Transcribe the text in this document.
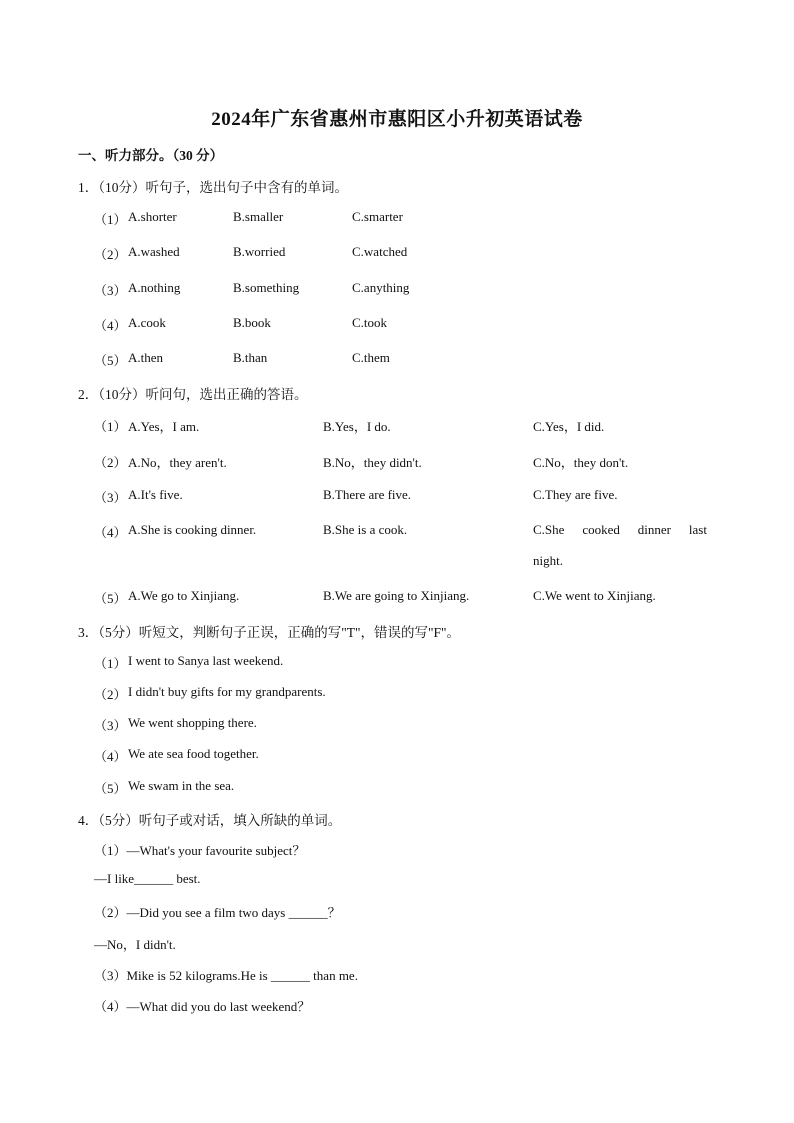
2024年广东省惠州市惠阳区小升初英语试卷
一、听力部分。（30 分）
1．（10分）听句子，选出句子中含有的单词。
（1） A.shorter	B.smaller	C.smarter
（2） A.washed	B.worried	C.watched
（3） A.nothing	B.something	C.anything
（4） A.cook	B.book	C.took
（5） A.then	B.than	C.them
2．（10分）听问句，选出正确的答语。
（1） A.Yes，I am.	B.Yes，I do.	C.Yes，I did.
（2） A.No，they aren't.	B.No，they didn't.	C.No，they don't.
（3） A.It's five.	B.There are five.	C.They are five.
（4） A.She is cooking dinner.	B.She is a cook.	C.She cooked dinner last
night.
（5） A.We go to Xinjiang.	B.We are going to Xinjiang.	C.We went to Xinjiang.
3．（5分）听短文，判断句子正误，正确的写"T"，错误的写"F"。
（1） I went to Sanya last weekend.
（2） I didn't buy gifts for my grandparents.
（3） We went shopping there.
（4） We ate sea food together.
（5） We swam in the sea.
4．（5分）听句子或对话，填入所缺的单词。
（1）—What's your favourite subject？
—I like______ best.
（2）—Did you see a film two days ______？
—No，I didn't.
（3）Mike is 52 kilograms.He is ______ than me.
（4）—What did you do last weekend？
